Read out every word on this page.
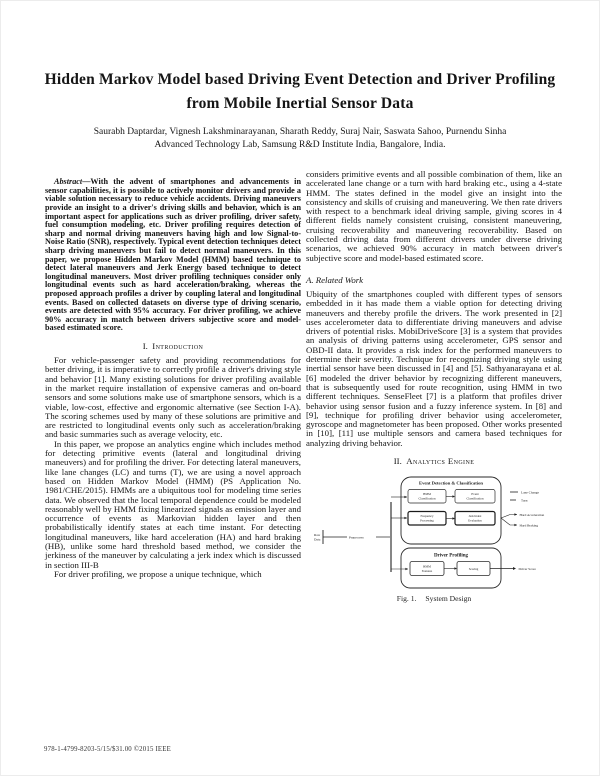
Hidden Markov Model based Driving Event Detection and Driver Profiling from Mobile Inertial Sensor Data
Saurabh Daptardar, Vignesh Lakshminarayanan, Sharath Reddy, Suraj Nair, Saswata Sahoo, Purnendu Sinha
Advanced Technology Lab, Samsung R&D Institute India, Bangalore, India.

Abstract—With the advent of smartphones and advancements in sensor capabilities, it is possible to actively monitor drivers and provide a viable solution necessary to reduce vehicle accidents. Driving maneuvers provide an insight to a driver's driving skills and behavior, which is an important aspect for applications such as driver profiling, driver safety, fuel consumption modeling, etc. Driver profiling requires detection of sharp and normal driving maneuvers having high and low Signal-to-Noise Ratio (SNR), respectively. Typical event detection techniques detect sharp driving maneuvers but fail to detect normal maneuvers. In this paper, we propose Hidden Markov Model (HMM) based technique to detect lateral maneuvers and Jerk Energy based technique to detect longitudinal maneuvers. Most driver profiling techniques consider only longitudinal events such as hard acceleration/braking, whereas the proposed approach profiles a driver by coupling lateral and longitudinal events. Based on collected datasets on diverse type of driving scenario, events are detected with 95% accuracy. For driver profiling, we achieve 90% accuracy in match between drivers subjective score and model-based estimated score.

I. Introduction

For vehicle-passenger safety and providing recommendations for better driving, it is imperative to correctly profile a driver's driving style and behavior [1]. Many existing solutions for driver profiling available in the market require installation of expensive cameras and on-board sensors and some solutions make use of smartphone sensors, which is a viable, low-cost, effective and ergonomic alternative (see Section I-A). The scoring schemes used by many of these solutions are primitive and are restricted to longitudinal events only such as acceleration/braking and basic summaries such as average velocity, etc.

In this paper, we propose an analytics engine which includes method for detecting primitive events (lateral and longitudinal driving maneuvers) and for profiling the driver. For detecting lateral maneuvers, like lane changes (LC) and turns (T), we are using a novel approach based on Hidden Markov Model (HMM) (PS Application No. 1981/CHE/2015). HMMs are a ubiquitous tool for modeling time series data. We observed that the local temporal dependence could be modeled reasonably well by HMM fixing linearized signals as emission layer and occurrence of events as Markovian hidden layer and then probabilistically identify states at each time instant. For detecting longitudinal maneuvers, like hard acceleration (HA) and hard braking (HB), unlike some hard threshold based method, we consider the jerkiness of the maneuver by calculating a jerk index which is discussed in section III-B

For driver profiling, we propose a unique technique, which

considers primitive events and all possible combination of them, like an accelerated lane change or a turn with hard braking etc., using a 4-state HMM. The states defined in the model give an insight into the consistency and skills of cruising and maneuvering. We then rate drivers with respect to a benchmark ideal driving sample, giving scores in 4 different fields namely consistent cruising, consistent maneuvering, cruising recoverability and maneuvering recoverability. Based on collected driving data from different drivers under diverse driving scenarios, we achieved 90% accuracy in match between driver's subjective score and model-based estimated score.

A. Related Work

Ubiquity of the smartphones coupled with different types of sensors embedded in it has made them a viable option for detecting driving maneuvers and thereby profile the drivers. The work presented in [2] uses accelerometer data to differentiate driving maneuvers and advise drivers of potential risks. MobiDriveScore [3] is a system that provides an analysis of driving patterns using accelerometer, GPS sensor and OBD-II data. It provides a risk index for the performed maneuvers to determine their severity. Technique for recognizing driving style using inertial sensor have been discussed in [4] and [5]. Sathyanarayana et al. [6] modeled the driver behavior by recognizing different maneuvers, that is subsequently used for route recognition, using HMM in two different techniques. SenseFleet [7] is a platform that profiles driver behavior using sensor fusion and a fuzzy inference system. In [8] and [9], technique for profiling driver behavior using accelerometer, gyroscope and magnetometer has been proposed. Other works presented in [10], [11] use multiple sensors and camera based techniques for analyzing driving behavior.

II. Analytics Engine
Raw
Data	Preprocess
Event Detection & Classification
HMM
Classification
Event
Classification
Frequency
Processing
Jerk Index
Evaluation
Lane Change
Turn
Hard Acceleration
Hard Braking
Driver Profiling
HMM
Features	Scoring	Driver Score
Fig. 1. System Design
978-1-4799-8203-5/15/$31.00 ©2015 IEEE
